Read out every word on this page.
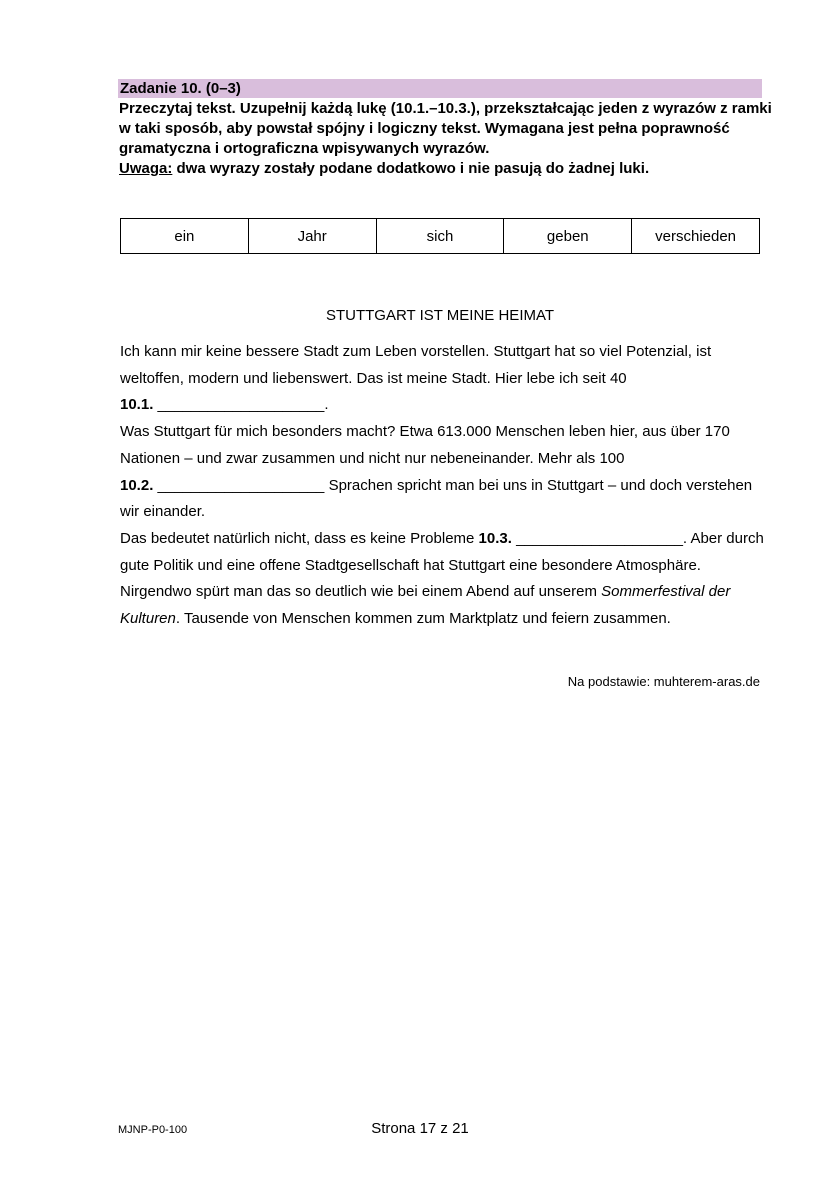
Zadanie 10. (0–3)
Przeczytaj tekst. Uzupełnij każdą lukę (10.1.–10.3.), przekształcając jeden z wyrazów z ramki w taki sposób, aby powstał spójny i logiczny tekst. Wymagana jest pełna poprawność gramatyczna i ortograficzna wpisywanych wyrazów.
Uwaga: dwa wyrazy zostały podane dodatkowo i nie pasują do żadnej luki.
ein	Jahr	sich	geben	verschieden
STUTTGART IST MEINE HEIMAT
Ich kann mir keine bessere Stadt zum Leben vorstellen. Stuttgart hat so viel Potenzial, ist weltoffen, modern und liebenswert. Das ist meine Stadt. Hier lebe ich seit 40
10.1. ____________________.
Was Stuttgart für mich besonders macht? Etwa 613.000 Menschen leben hier, aus über 170 Nationen – und zwar zusammen und nicht nur nebeneinander. Mehr als 100
10.2. ____________________ Sprachen spricht man bei uns in Stuttgart – und doch verstehen wir einander.
Das bedeutet natürlich nicht, dass es keine Probleme 10.3. ____________________. Aber durch gute Politik und eine offene Stadtgesellschaft hat Stuttgart eine besondere Atmosphäre. Nirgendwo spürt man das so deutlich wie bei einem Abend auf unserem Sommerfestival der Kulturen. Tausende von Menschen kommen zum Marktplatz und feiern zusammen.
Na podstawie: muhterem-aras.de
MJNP-P0-100	Strona 17 z 21
